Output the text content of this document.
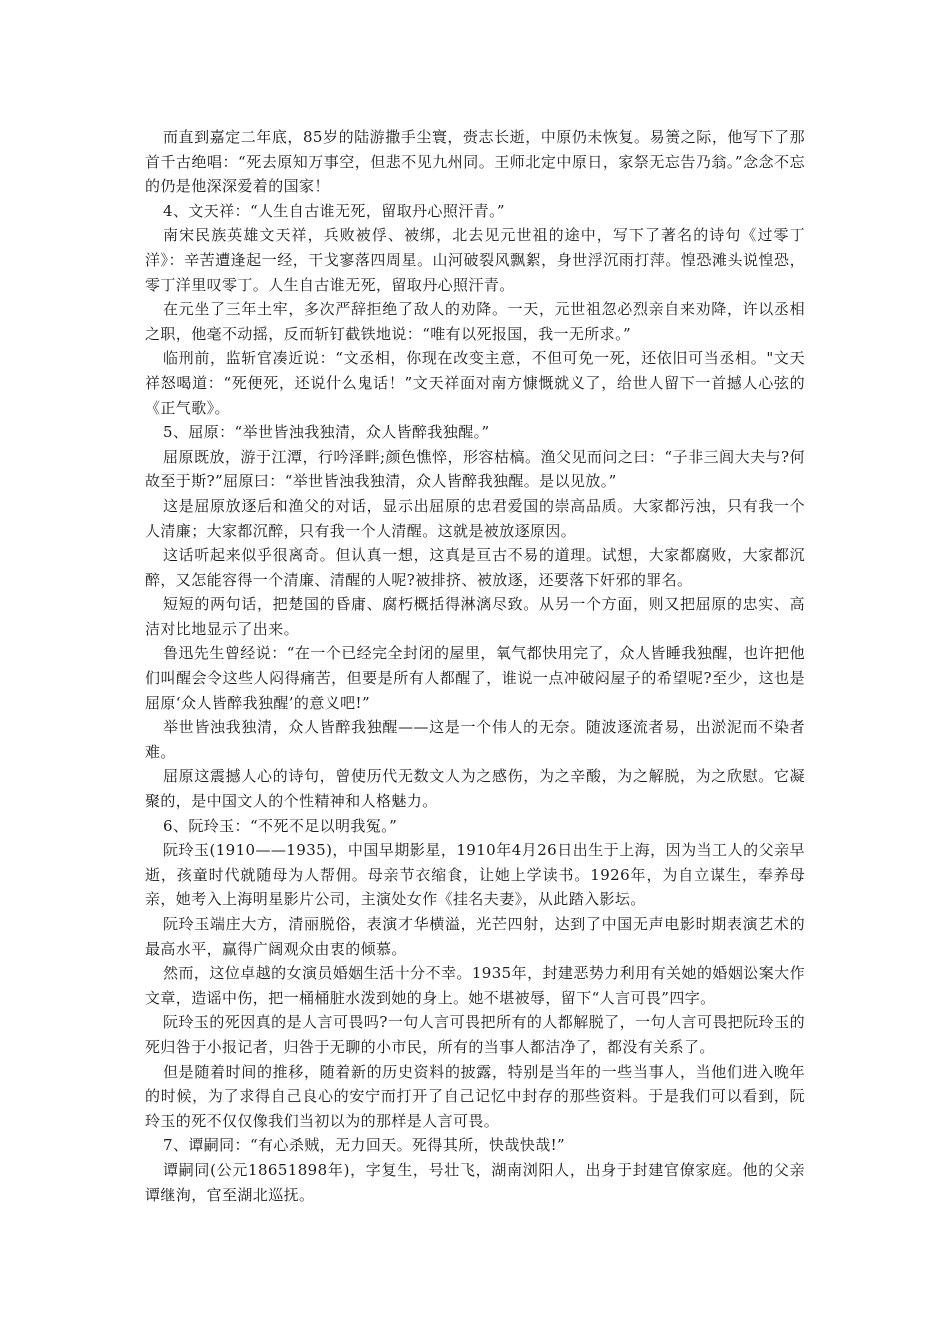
而直到嘉定二年底，85岁的陆游撒手尘寰，赍志长逝，中原仍未恢复。易箦之际，他写下了那首千古绝唱：“死去原知万事空，但悲不见九州同。王师北定中原日，家祭无忘告乃翁。”念念不忘的仍是他深深爱着的国家！

4、文天祥：“人生自古谁无死，留取丹心照汗青。”

南宋民族英雄文天祥，兵败被俘、被绑，北去见元世祖的途中，写下了著名的诗句《过零丁洋》：辛苦遭逢起一经，干戈寥落四周星。山河破裂风飘絮，身世浮沉雨打萍。惶恐滩头说惶恐，零丁洋里叹零丁。人生自古谁无死，留取丹心照汗青。

在元坐了三年土牢，多次严辞拒绝了敌人的劝降。一天，元世祖忽必烈亲自来劝降，许以丞相之职，他毫不动摇，反而斩钉截铁地说：“唯有以死报国，我一无所求。”

临刑前，监斩官凑近说：“文丞相，你现在改变主意，不但可免一死，还依旧可当丞相。"文天祥怒喝道：“死便死，还说什么鬼话！”文天祥面对南方慷慨就义了，给世人留下一首撼人心弦的《正气歌》。

5、屈原：“举世皆浊我独清，众人皆醉我独醒。”

屈原既放，游于江潭，行吟泽畔;颜色憔悴，形容枯槁。渔父见而问之曰：“子非三闾大夫与?何故至于斯?”屈原曰：“举世皆浊我独清，众人皆醉我独醒。是以见放。”

这是屈原放逐后和渔父的对话，显示出屈原的忠君爱国的崇高品质。大家都污浊，只有我一个人清廉；大家都沉醉，只有我一个人清醒。这就是被放逐原因。

这话听起来似乎很离奇。但认真一想，这真是亘古不易的道理。试想，大家都腐败，大家都沉醉，又怎能容得一个清廉、清醒的人呢?被排挤、被放逐，还要落下奸邪的罪名。

短短的两句话，把楚国的昏庸、腐朽概括得淋漓尽致。从另一个方面，则又把屈原的忠实、高洁对比地显示了出来。

鲁迅先生曾经说：“在一个已经完全封闭的屋里，氧气都快用完了，众人皆睡我独醒，也许把他们叫醒会令这些人闷得痛苦，但要是所有人都醒了，谁说一点冲破闷屋子的希望呢?至少，这也是屈原‘众人皆醉我独醒’的意义吧!”

举世皆浊我独清，众人皆醉我独醒——这是一个伟人的无奈。随波逐流者易，出淤泥而不染者难。

屈原这震撼人心的诗句，曾使历代无数文人为之感伤，为之辛酸，为之解脱，为之欣慰。它凝聚的，是中国文人的个性精神和人格魅力。

6、阮玲玉：“不死不足以明我冤。”

阮玲玉(1910——1935)，中国早期影星，1910年4月26日出生于上海，因为当工人的父亲早逝，孩童时代就随母为人帮佣。母亲节衣缩食，让她上学读书。1926年，为自立谋生，奉养母亲，她考入上海明星影片公司，主演处女作《挂名夫妻》，从此踏入影坛。

阮玲玉端庄大方，清丽脱俗，表演才华横溢，光芒四射，达到了中国无声电影时期表演艺术的最高水平，赢得广阔观众由衷的倾慕。

然而，这位卓越的女演员婚姻生活十分不幸。1935年，封建恶势力利用有关她的婚姻讼案大作文章，造谣中伤，把一桶桶脏水泼到她的身上。她不堪被辱，留下“人言可畏”四字。

阮玲玉的死因真的是人言可畏吗?一句人言可畏把所有的人都解脱了，一句人言可畏把阮玲玉的死归咎于小报记者，归咎于无聊的小市民，所有的当事人都洁净了，都没有关系了。

但是随着时间的推移，随着新的历史资料的披露，特别是当年的一些当事人，当他们进入晚年的时候，为了求得自己良心的安宁而打开了自己记忆中封存的那些资料。于是我们可以看到，阮玲玉的死不仅仅像我们当初以为的那样是人言可畏。

7、谭嗣同：“有心杀贼，无力回天。死得其所，快哉快哉!”

谭嗣同(公元18651898年)，字复生，号壮飞，湖南浏阳人，出身于封建官僚家庭。他的父亲谭继洵，官至湖北巡抚。
